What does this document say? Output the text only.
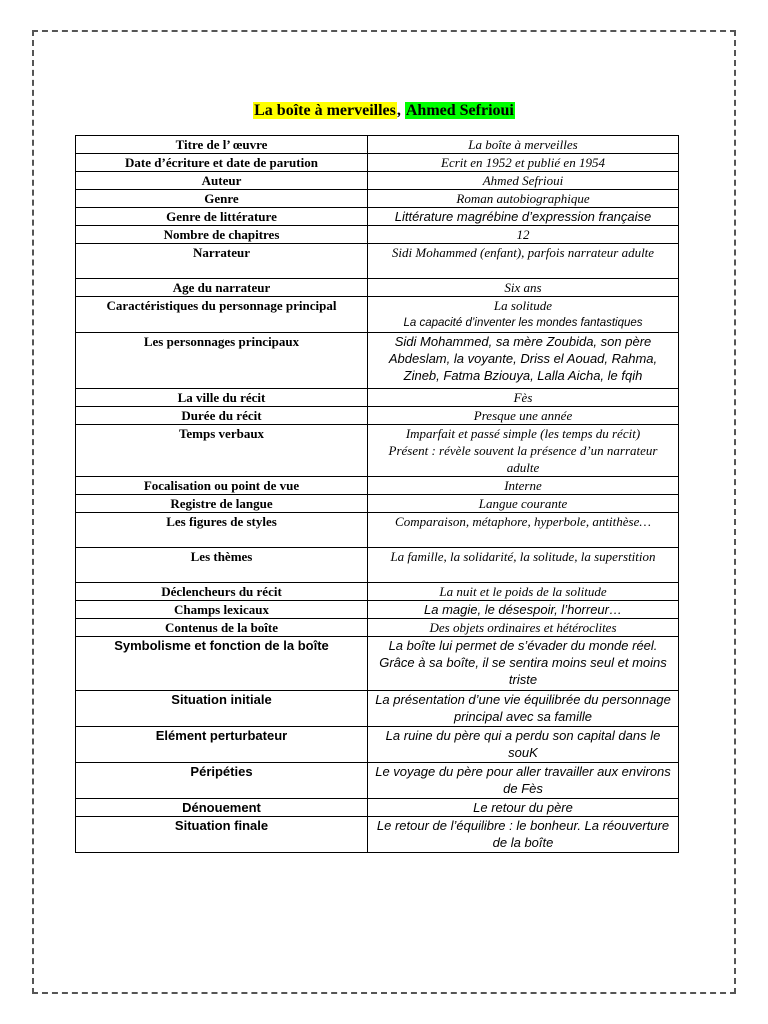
La boîte à merveilles, Ahmed Sefrioui
Titre de l’ œuvre	La boîte à merveilles
Date d’écriture et date de parution	Ecrit en 1952 et publié en 1954
Auteur	Ahmed Sefrioui
Genre	Roman autobiographique
Genre de littérature	Littérature magrébine d’expression française
Nombre de chapitres	12
Narrateur	Sidi Mohammed (enfant), parfois narrateur adulte
Age du narrateur	Six ans
Caractéristiques du personnage principal	La solitude
La capacité d’inventer les mondes fantastiques

Les personnages principaux	Sidi Mohammed, sa mère Zoubida, son père Abdeslam, la voyante, Driss el Aouad, Rahma, Zineb, Fatma Bziouya, Lalla Aicha, le fqih
La ville du récit	Fès
Durée du récit	Presque une année
Temps verbaux	Imparfait et passé simple (les temps du récit)
Présent : révèle souvent la présence d’un narrateur adulte

Focalisation ou point de vue	Interne
Registre de langue	Langue courante
Les figures de styles	Comparaison, métaphore, hyperbole, antithèse…
Les thèmes	La famille, la solidarité, la solitude, la superstition
Déclencheurs du récit	La nuit et le poids de la solitude
Champs lexicaux	La magie, le désespoir, l’horreur…
Contenus de la boîte	Des objets ordinaires et hétéroclites
Symbolisme et fonction de la boîte	La boîte lui permet de s’évader du monde réel. Grâce à sa boîte, il se sentira moins seul et moins triste
Situation initiale	La présentation d’une vie équilibrée du personnage principal avec sa famille
Elément perturbateur	La ruine du père qui a perdu son capital dans le souK
Péripéties	Le voyage du père pour aller travailler aux environs de Fès
Dénouement	Le retour du père
Situation finale	Le retour de l’équilibre : le bonheur. La réouverture de la boîte
